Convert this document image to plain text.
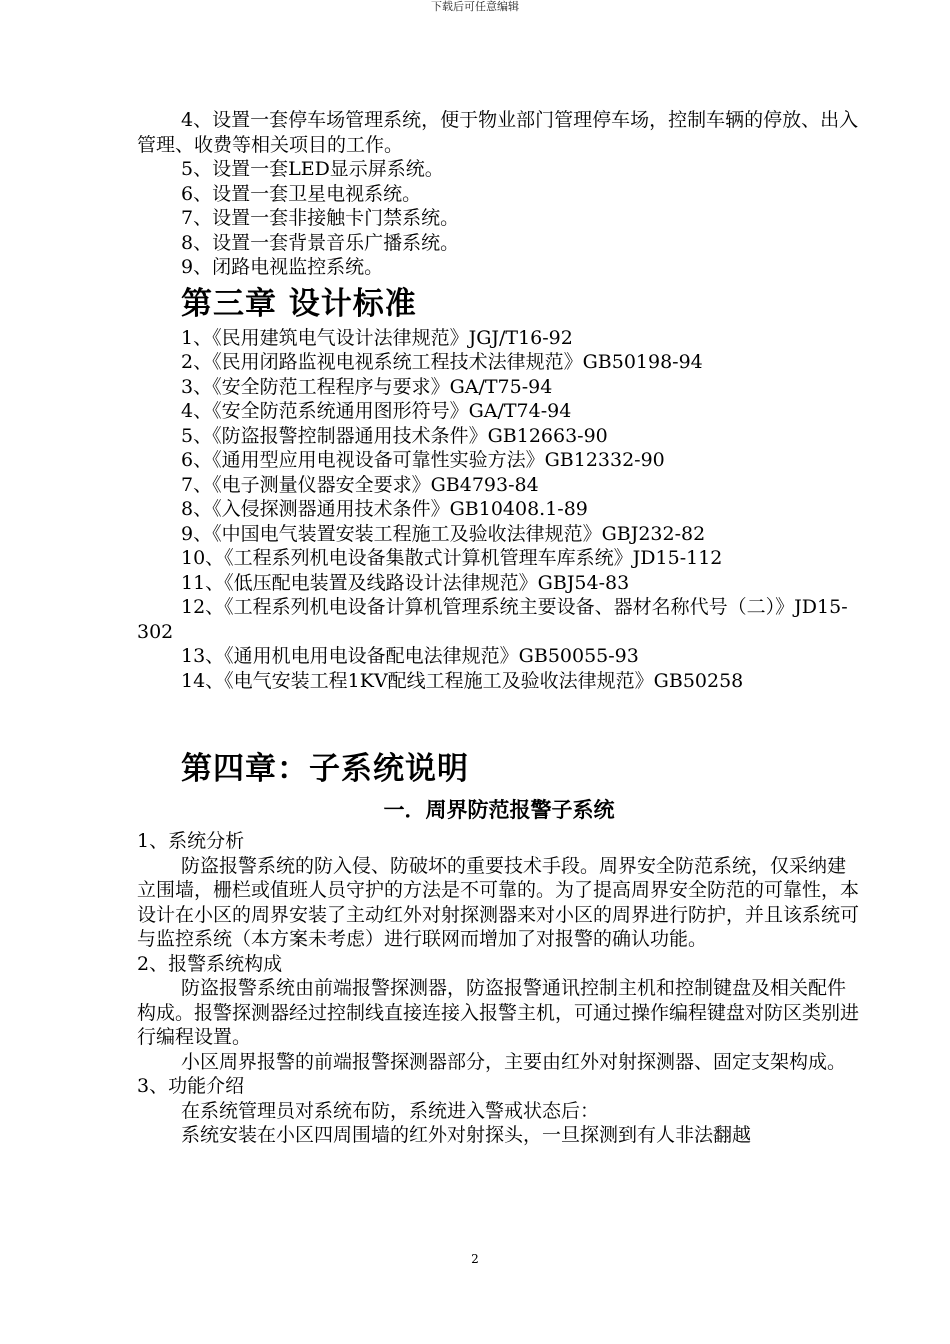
下载后可任意编辑

4、设置一套停车场管理系统，便于物业部门管理停车场，控制车辆的停放、出入管理、收费等相关项目的工作。

5、设置一套LED显示屏系统。

6、设置一套卫星电视系统。

7、设置一套非接触卡门禁系统。

8、设置一套背景音乐广播系统。

9、闭路电视监控系统。

第三章 设计标准

1、《民用建筑电气设计法律规范》JGJ/T16-92

2、《民用闭路监视电视系统工程技术法律规范》GB50198-94

3、《安全防范工程程序与要求》GA/T75-94

4、《安全防范系统通用图形符号》GA/T74-94

5、《防盗报警控制器通用技术条件》GB12663-90

6、《通用型应用电视设备可靠性实验方法》GB12332-90

7、《电子测量仪器安全要求》GB4793-84

8、《入侵探测器通用技术条件》GB10408.1-89

9、《中国电气装置安装工程施工及验收法律规范》GBJ232-82

10、《工程系列机电设备集散式计算机管理车库系统》JD15-112

11、《低压配电装置及线路设计法律规范》GBJ54-83

12、《工程系列机电设备计算机管理系统主要设备、器材名称代号（二）》JD15-302

13、《通用机电用电设备配电法律规范》GB50055-93

14、《电气安装工程1KV配线工程施工及验收法律规范》GB50258

第四章：子系统说明
一．周界防范报警子系统

1、系统分析

防盗报警系统的防入侵、防破坏的重要技术手段。周界安全防范系统，仅采纳建立围墙，栅栏或值班人员守护的方法是不可靠的。为了提高周界安全防范的可靠性，本设计在小区的周界安装了主动红外对射探测器来对小区的周界进行防护，并且该系统可与监控系统（本方案未考虑）进行联网而增加了对报警的确认功能。

2、报警系统构成

防盗报警系统由前端报警探测器，防盗报警通讯控制主机和控制键盘及相关配件构成。报警探测器经过控制线直接连接入报警主机，可通过操作编程键盘对防区类别进行编程设置。

小区周界报警的前端报警探测器部分，主要由红外对射探测器、固定支架构成。

3、功能介绍

在系统管理员对系统布防，系统进入警戒状态后：

系统安装在小区四周围墙的红外对射探头，一旦探测到有人非法翻越

2
